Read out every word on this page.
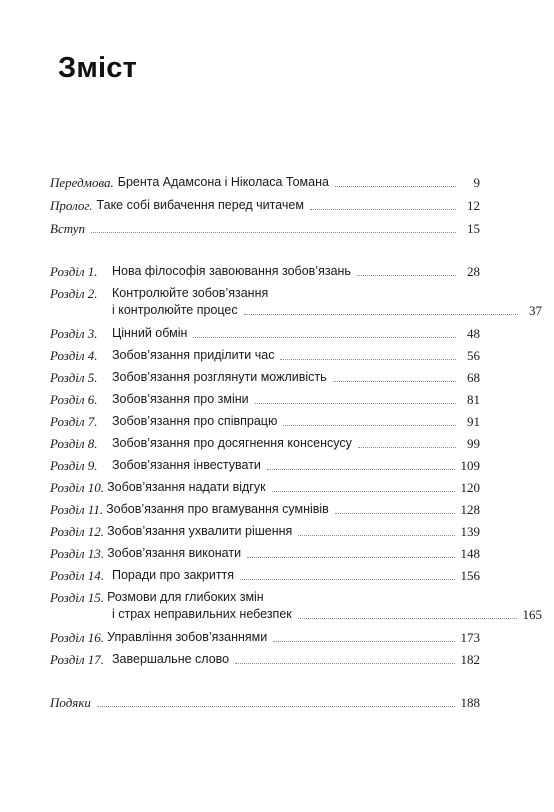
Зміст
Передмова. Брента Адамсона і Ніколаса Томана	9
Пролог. Таке собі вибачення перед читачем	12
Вступ	15
Розділ 1.	Нова філософія завоювання зобов’язань	28
Розділ 2.	Контролюйте зобов’язання
і контролюйте процес	37
Розділ 3.	Цінний обмін	48
Розділ 4.	Зобов’язання приділити час	56
Розділ 5.	Зобов’язання розглянути можливість	68
Розділ 6.	Зобов’язання про зміни	81
Розділ 7.	Зобов’язання про співпрацю	91
Розділ 8.	Зобов’язання про досягнення консенсусу	99
Розділ 9.	Зобов’язання інвестувати	109
Розділ 10. Зобов’язання надати відгук	120
Розділ 11. Зобов’язання про вгамування сумнівів	128
Розділ 12. Зобов’язання ухвалити рішення	139
Розділ 13. Зобов’язання виконати	148
Розділ 14. Поради про закриття	156
Розділ 15. Розмови для глибоких змін
і страх неправильних небезпек	165
Розділ 16. Управління зобов’язаннями	173
Розділ 17. Завершальне слово	182
Подяки	188
